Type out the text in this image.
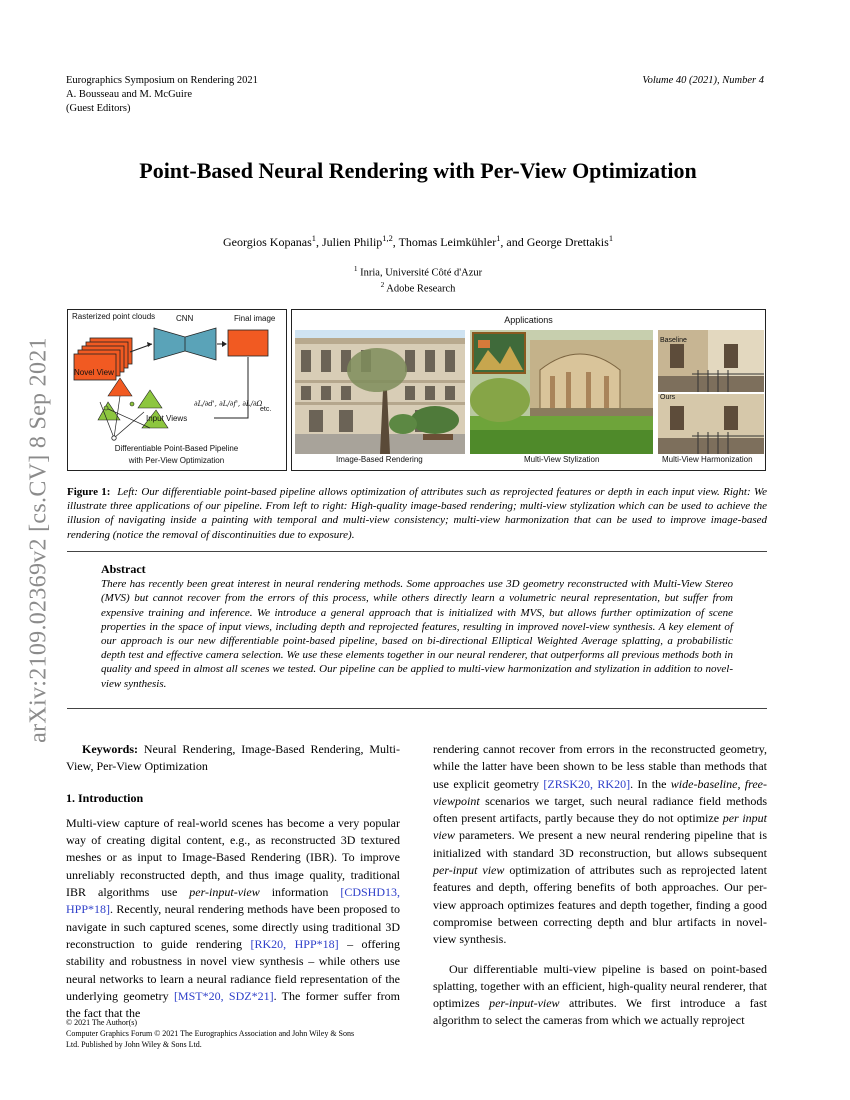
Eurographics Symposium on Rendering 2021
A. Bousseau and M. McGuire
(Guest Editors)
Volume 40 (2021), Number 4
Point-Based Neural Rendering with Per-View Optimization
Georgios Kopanas$^1$, Julien Philip$^{1,2}$, Thomas Leimkühler$^1$, and George Drettakis$^1$
$^1$ Inria, Université Côté d'Azur
$^2$ Adobe Research
arXiv:2109.02369v2 [cs.CV] 8 Sep 2021
Rasterized point clouds	CNN	Final image
Novel View
Input Views
∂L/∂d', ∂L/∂f', ∂L/∂Ω
etc.
Differentiable Point-Based Pipeline
with Per-View Optimization
Applications
Baseline
Ours
Image-Based Rendering	Multi-View Stylization	Multi-View Harmonization
Figure 1: Left: Our differentiable point-based pipeline allows optimization of attributes such as reprojected features or depth in each input view. Right: We illustrate three applications of our pipeline. From left to right: High-quality image-based rendering; multi-view stylization which can be used to achieve the illusion of navigating inside a painting with temporal and multi-view consistency; multi-view harmonization that can be used to improve image-based rendering (notice the removal of discontinuities due to exposure).
Abstract
There has recently been great interest in neural rendering methods. Some approaches use 3D geometry reconstructed with Multi-View Stereo (MVS) but cannot recover from the errors of this process, while others directly learn a volumetric neural representation, but suffer from expensive training and inference. We introduce a general approach that is initialized with MVS, but allows further optimization of scene properties in the space of input views, including depth and reprojected features, resulting in improved novel-view synthesis. A key element of our approach is our new differentiable point-based pipeline, based on bi-directional Elliptical Weighted Average splatting, a probabilistic depth test and effective camera selection. We use these elements together in our neural renderer, that outperforms all previous methods both in quality and speed in almost all scenes we tested. Our pipeline can be applied to multi-view harmonization and stylization in addition to novel-view synthesis.
Keywords: Neural Rendering, Image-Based Rendering, Multi-View, Per-View Optimization
1. Introduction

Multi-view capture of real-world scenes has become a very popular way of creating digital content, e.g., as reconstructed 3D textured meshes or as input to Image-Based Rendering (IBR). To improve unreliably reconstructed depth, and thus image quality, traditional IBR algorithms use per-input-view information [CDSHD13, HPP*18]. Recently, neural rendering methods have been proposed to navigate in such captured scenes, some directly using traditional 3D reconstruction to guide rendering [RK20, HPP*18] – offering stability and robustness in novel view synthesis – while others use neural networks to learn a neural radiance field representation of the underlying geometry [MST*20, SDZ*21]. The former suffer from the fact that the

rendering cannot recover from errors in the reconstructed geometry, while the latter have been shown to be less stable than methods that use explicit geometry [ZRSK20, RK20]. In the wide-baseline, free-viewpoint scenarios we target, such neural radiance field methods often present artifacts, partly because they do not optimize per input view parameters. We present a new neural rendering pipeline that is initialized with standard 3D reconstruction, but allows subsequent per-input view optimization of attributes such as reprojected latent features and depth, offering benefits of both approaches. Our per-view approach optimizes features and depth together, finding a good compromise between correcting depth and blur artifacts in novel-view synthesis.

Our differentiable multi-view pipeline is based on point-based splatting, together with an efficient, high-quality neural renderer, that optimizes per-input-view attributes. We first introduce a fast algorithm to select the cameras from which we actually reproject

© 2021 The Author(s)
Computer Graphics Forum © 2021 The Eurographics Association and John Wiley & Sons Ltd. Published by John Wiley & Sons Ltd.
